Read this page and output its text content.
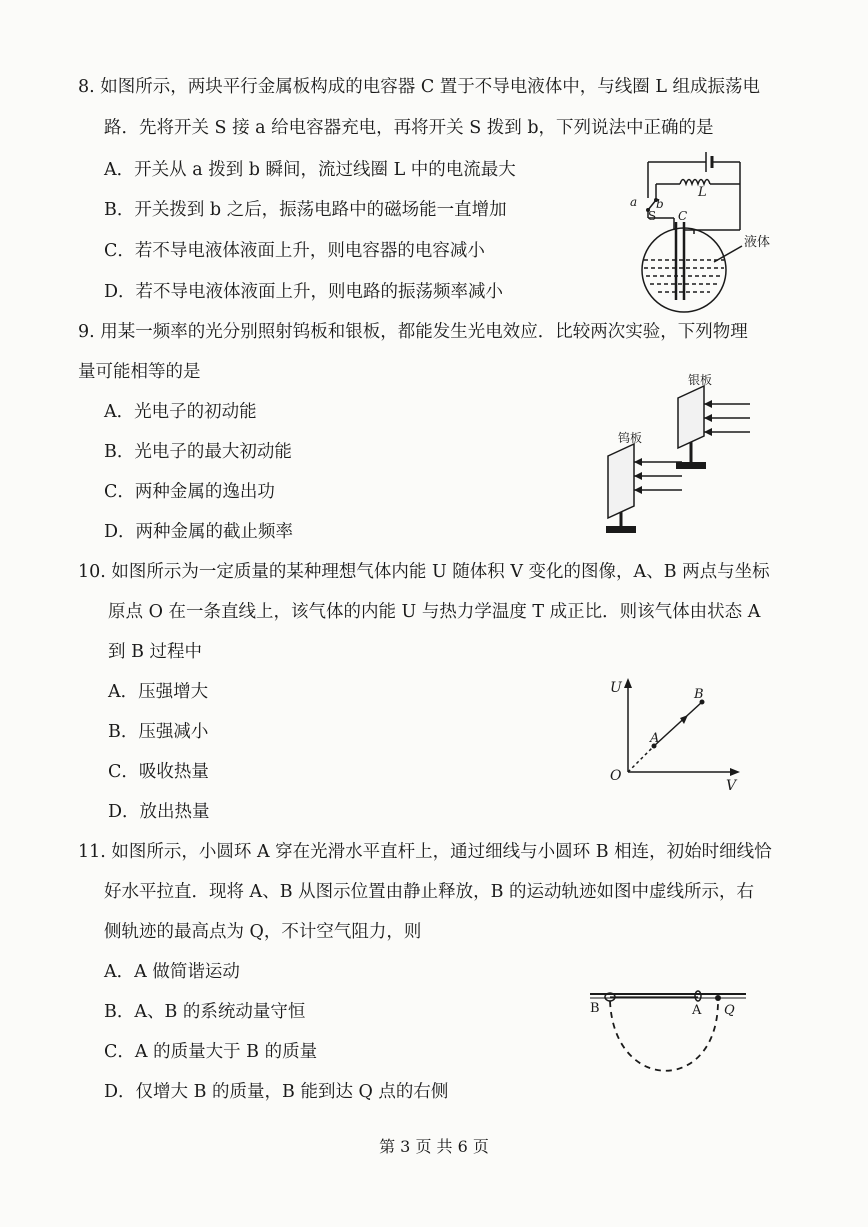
8. 如图所示，两块平行金属板构成的电容器 C 置于不导电液体中，与线圈 L 组成振荡电
路．先将开关 S 接 a 给电容器充电，再将开关 S 拨到 b，下列说法中正确的是
A．开关从 a 拨到 b 瞬间，流过线圈 L 中的电流最大
B．开关拨到 b 之后，振荡电路中的磁场能一直增加
C．若不导电液体液面上升，则电容器的电容减小
D．若不导电液体液面上升，则电路的振荡频率减小
a b
S C
L
液体
9. 用某一频率的光分别照射钨板和银板，都能发生光电效应．比较两次实验，下列物理
量可能相等的是
A．光电子的初动能
B．光电子的最大初动能
C．两种金属的逸出功
D．两种金属的截止频率
银板
钨板
10. 如图所示为一定质量的某种理想气体内能 U 随体积 V 变化的图像，A、B 两点与坐标
原点 O 在一条直线上，该气体的内能 U 与热力学温度 T 成正比．则该气体由状态 A
到 B 过程中
A．压强增大
B．压强减小
C．吸收热量
D．放出热量
U
V
O
A
B
11. 如图所示，小圆环 A 穿在光滑水平直杆上，通过细线与小圆环 B 相连，初始时细线恰
好水平拉直．现将 A、B 从图示位置由静止释放，B 的运动轨迹如图中虚线所示，右
侧轨迹的最高点为 Q，不计空气阻力，则
A．A 做简谐运动
B．A、B 的系统动量守恒
C．A 的质量大于 B 的质量
D．仅增大 B 的质量，B 能到达 Q 点的右侧
B	A Q
第 3 页 共 6 页
